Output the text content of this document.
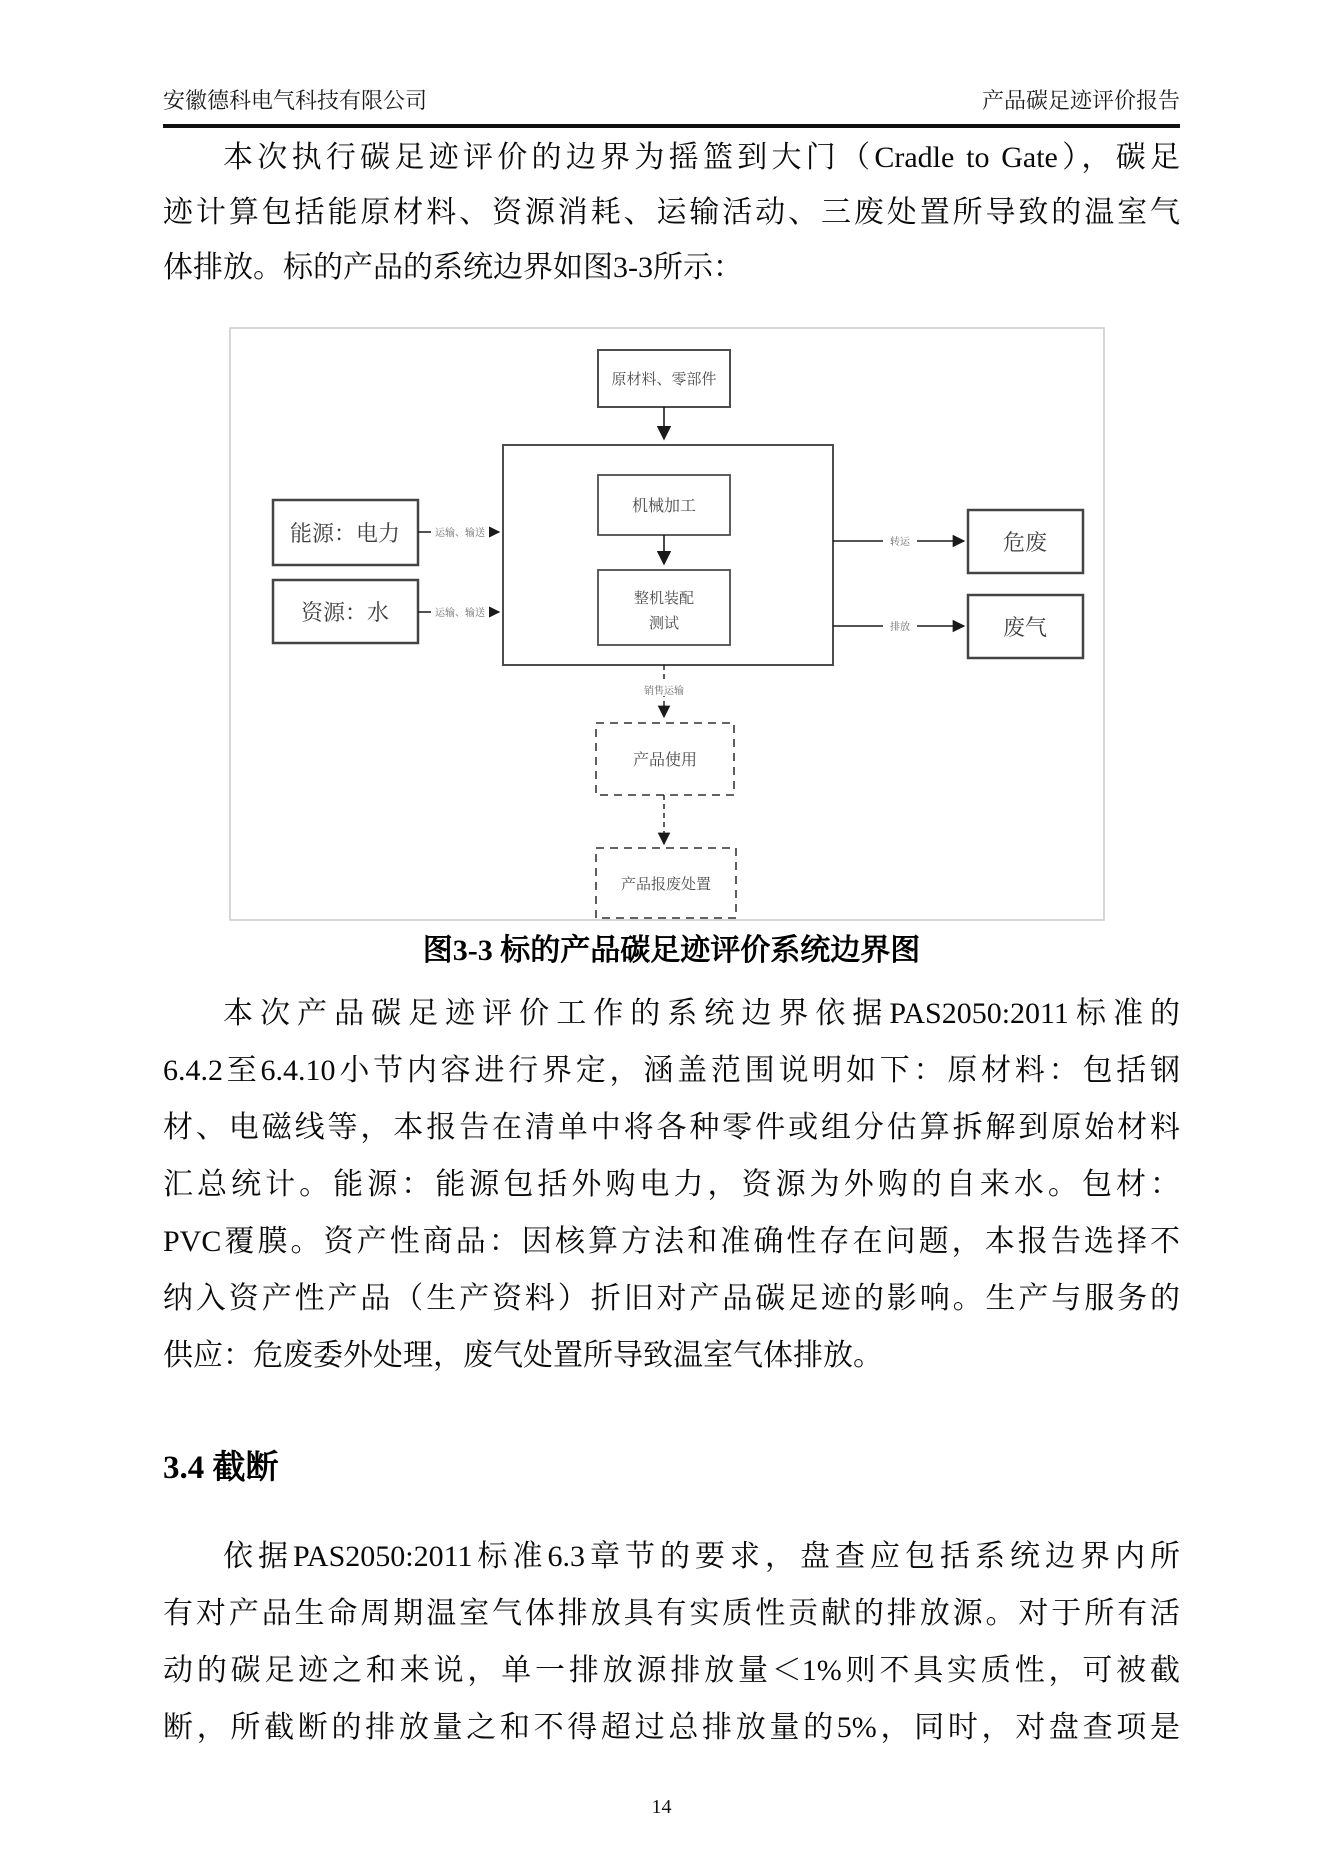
安徽德科电气科技有限公司	产品碳足迹评价报告
本次执行碳足迹评价的边界为摇篮到大门（Cradle to Gate），碳足
迹计算包括能原材料、资源消耗、运输活动、三废处置所导致的温室气
体排放。标的产品的系统边界如图3-3所示：
原材料、零部件
机械加工
整机装配
测试
能源：电力	运输、输送
资源：水	运输、输送
危废
转运
废气
排放
销售运输
产品使用
产品报废处置
图3-3 标的产品碳足迹评价系统边界图
本次产品碳足迹评价工作的系统边界依据PAS2050:2011标准的
6.4.2至6.4.10小节内容进行界定，涵盖范围说明如下：原材料：包括钢
材、电磁线等，本报告在清单中将各种零件或组分估算拆解到原始材料
汇总统计。能源：能源包括外购电力，资源为外购的自来水。包材：
PVC覆膜。资产性商品：因核算方法和准确性存在问题，本报告选择不
纳入资产性产品（生产资料）折旧对产品碳足迹的影响。生产与服务的
供应：危废委外处理，废气处置所导致温室气体排放。
3.4 截断
依据PAS2050:2011标准6.3章节的要求，盘查应包括系统边界内所
有对产品生命周期温室气体排放具有实质性贡献的排放源。对于所有活
动的碳足迹之和来说，单一排放源排放量＜1%则不具实质性，可被截
断，所截断的排放量之和不得超过总排放量的5%，同时，对盘查项是
14
